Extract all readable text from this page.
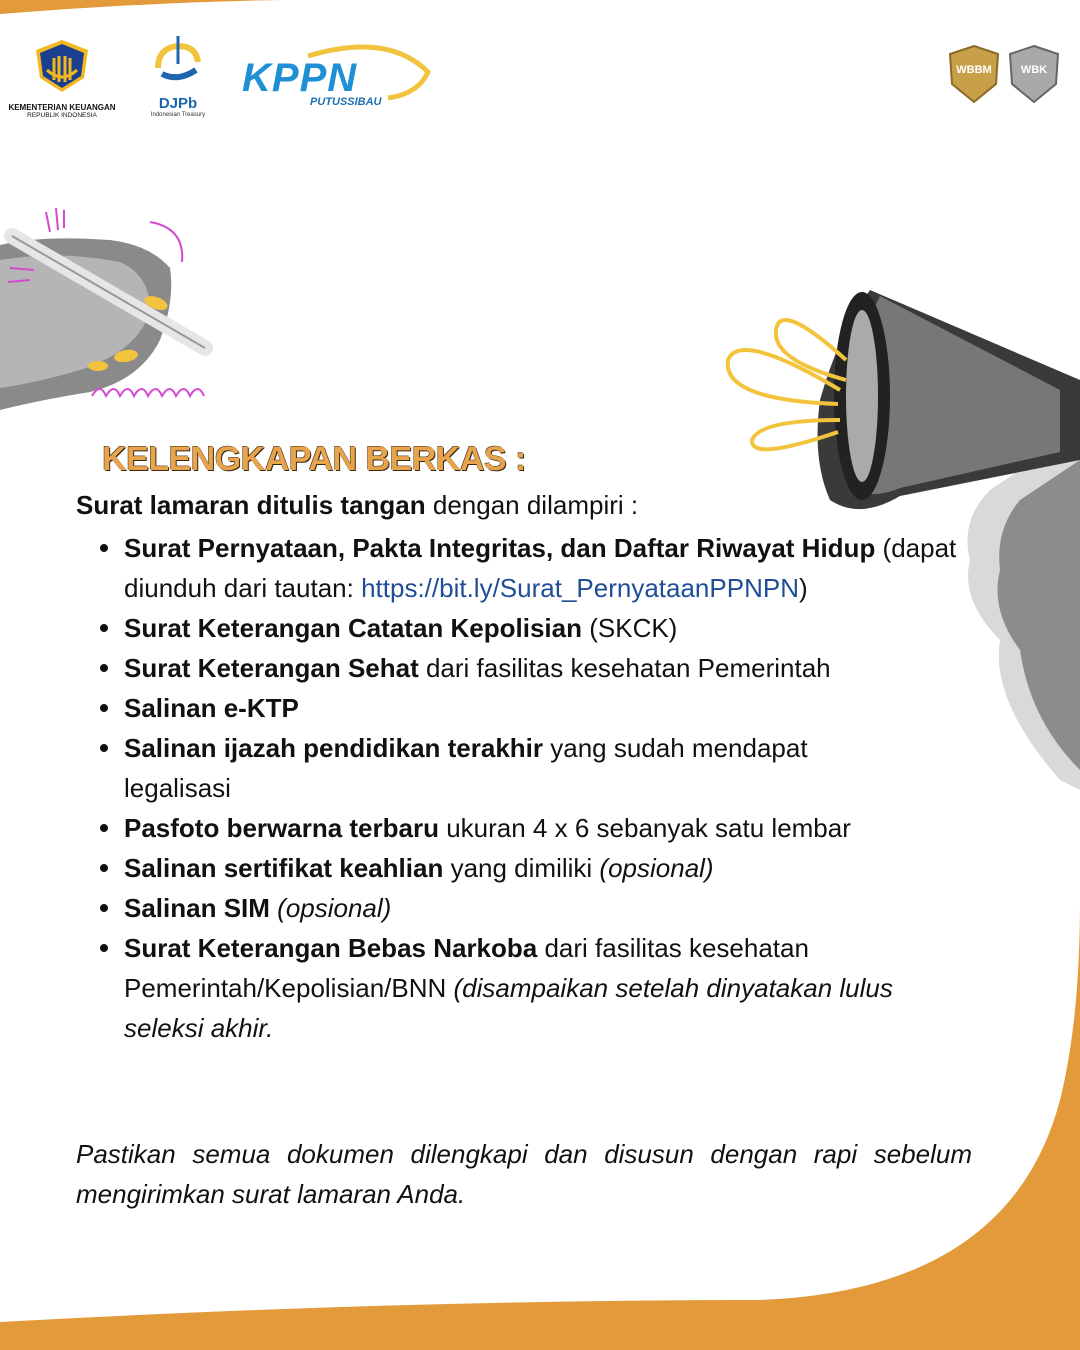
KEMENTERIAN KEUANGAN
REPUBLIK INDONESIA
DJPb
Indonesian Treasury
KPPN
PUTUSSIBAU
WBBM	WBK
KELENGKAPAN BERKAS :
Surat lamaran ditulis tangan dengan dilampiri :
Surat Pernyataan, Pakta Integritas, dan Daftar Riwayat Hidup (dapat diunduh dari tautan: https://bit.ly/Surat_PernyataanPPNPN)
Surat Keterangan Catatan Kepolisian (SKCK)
Surat Keterangan Sehat dari fasilitas kesehatan Pemerintah
Salinan e-KTP
Salinan ijazah pendidikan terakhir yang sudah mendapat legalisasi
Pasfoto berwarna terbaru ukuran 4 x 6 sebanyak satu lembar
Salinan sertifikat keahlian yang dimiliki (opsional)
Salinan SIM (opsional)
Surat Keterangan Bebas Narkoba dari fasilitas kesehatan Pemerintah/Kepolisian/BNN (disampaikan setelah dinyatakan lulus seleksi akhir.
Pastikan semua dokumen dilengkapi dan disusun dengan rapi sebelum mengirimkan surat lamaran Anda.
